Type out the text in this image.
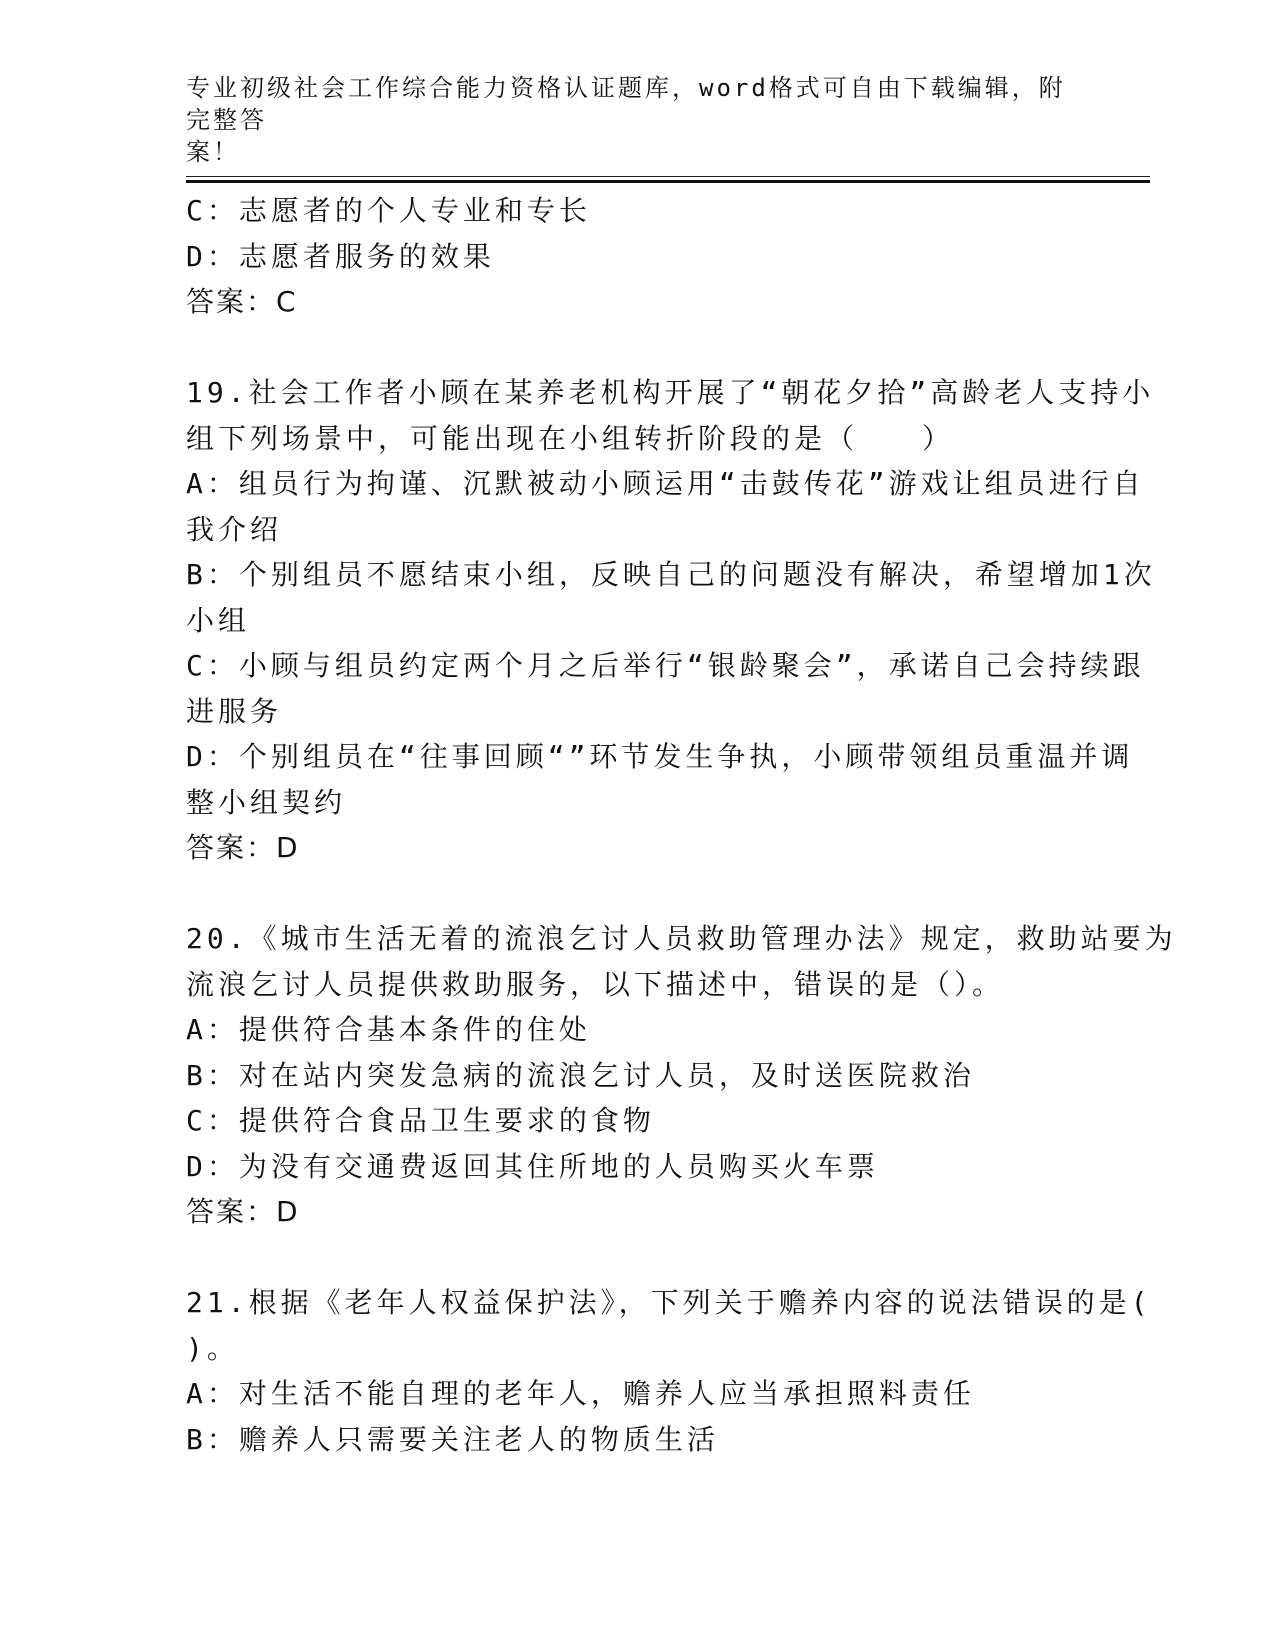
专业初级社会工作综合能力资格认证题库，word格式可自由下载编辑，附完整答
案！

C：志愿者的个人专业和专长

D：志愿者服务的效果

答案：C

19.社会工作者小顾在某养老机构开展了“朝花夕拾”高龄老人支持小

组下列场景中，可能出现在小组转折阶段的是（　　）

A：组员行为拘谨、沉默被动小顾运用“击鼓传花”游戏让组员进行自

我介绍

B：个别组员不愿结束小组，反映自己的问题没有解决，希望增加1次

小组

C：小顾与组员约定两个月之后举行“银龄聚会”，承诺自己会持续跟

进服务

D：个别组员在“往事回顾“”环节发生争执，小顾带领组员重温并调

整小组契约

答案：D

20.《城市生活无着的流浪乞讨人员救助管理办法》规定，救助站要为

流浪乞讨人员提供救助服务，以下描述中，错误的是（）。

A：提供符合基本条件的住处

B：对在站内突发急病的流浪乞讨人员，及时送医院救治

C：提供符合食品卫生要求的食物

D：为没有交通费返回其住所地的人员购买火车票

答案：D

21.根据《老年人权益保护法》，下列关于赡养内容的说法错误的是(

)。

A：对生活不能自理的老年人，赡养人应当承担照料责任

B：赡养人只需要关注老人的物质生活
